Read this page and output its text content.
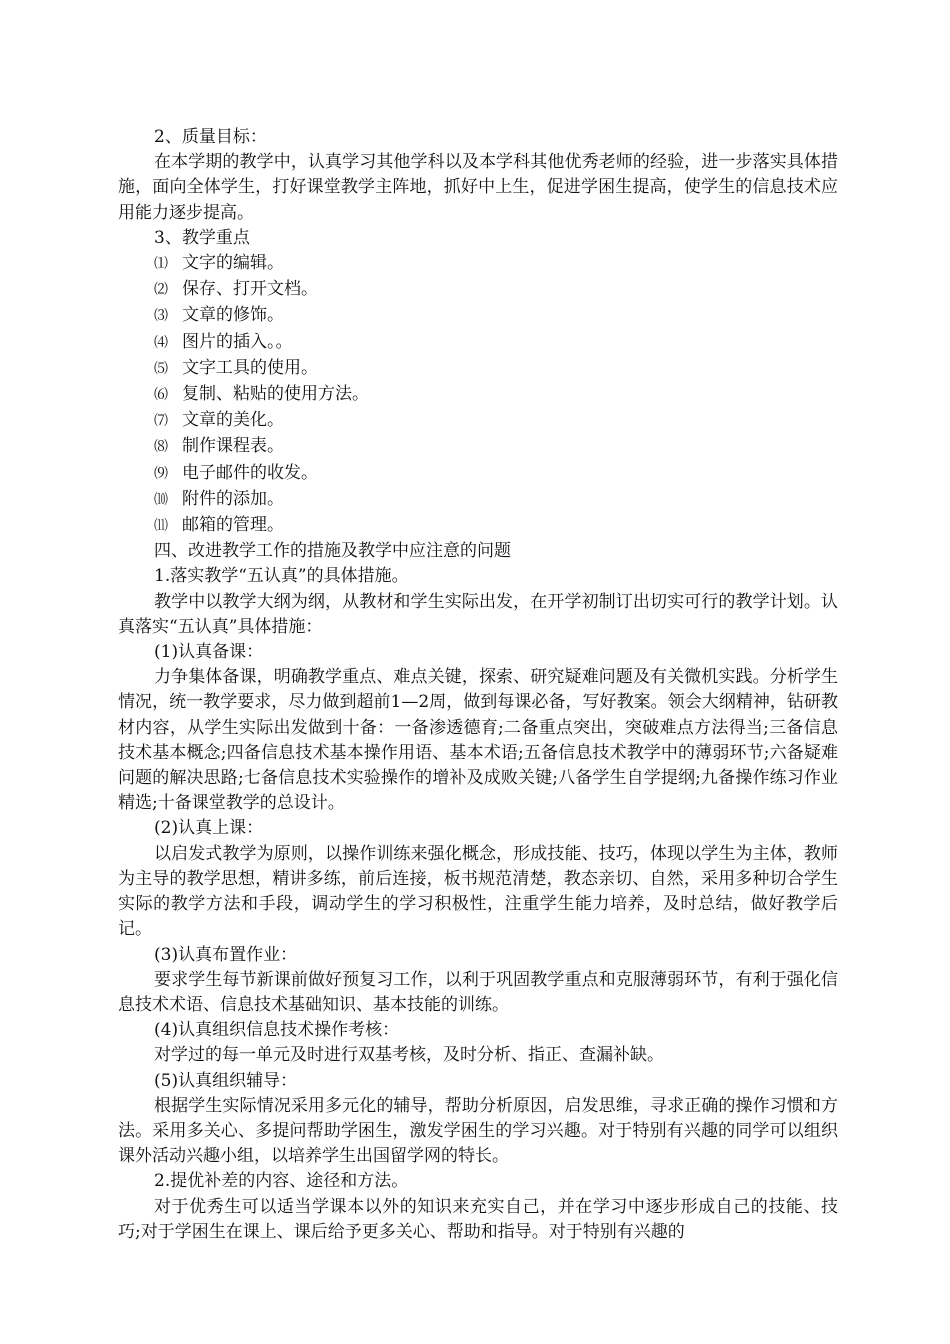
2、质量目标：

在本学期的教学中，认真学习其他学科以及本学科其他优秀老师的经验，进一步落实具体措施，面向全体学生，打好课堂教学主阵地，抓好中上生，促进学困生提高，使学生的信息技术应用能力逐步提高。

3、教学重点

⑴ 文字的编辑。
⑵ 保存、打开文档。
⑶ 文章的修饰。
⑷ 图片的插入。。
⑸ 文字工具的使用。
⑹ 复制、粘贴的使用方法。
⑺ 文章的美化。
⑻ 制作课程表。
⑼ 电子邮件的收发。
⑽ 附件的添加。
⑾ 邮箱的管理。

四、改进教学工作的措施及教学中应注意的问题

1.落实教学“五认真”的具体措施。

教学中以教学大纲为纲，从教材和学生实际出发，在开学初制订出切实可行的教学计划。认真落实“五认真”具体措施：

(1)认真备课：

力争集体备课，明确教学重点、难点关键，探索、研究疑难问题及有关微机实践。分析学生情况，统一教学要求，尽力做到超前1—2周，做到每课必备，写好教案。领会大纲精神，钻研教材内容，从学生实际出发做到十备：一备渗透德育;二备重点突出，突破难点方法得当;三备信息技术基本概念;四备信息技术基本操作用语、基本术语;五备信息技术教学中的薄弱环节;六备疑难问题的解决思路;七备信息技术实验操作的增补及成败关键;八备学生自学提纲;九备操作练习作业精选;十备课堂教学的总设计。

(2)认真上课：

以启发式教学为原则，以操作训练来强化概念，形成技能、技巧，体现以学生为主体，教师为主导的教学思想，精讲多练，前后连接，板书规范清楚，教态亲切、自然，采用多种切合学生实际的教学方法和手段，调动学生的学习积极性，注重学生能力培养，及时总结，做好教学后记。

(3)认真布置作业：

要求学生每节新课前做好预复习工作，以利于巩固教学重点和克服薄弱环节，有利于强化信息技术术语、信息技术基础知识、基本技能的训练。

(4)认真组织信息技术操作考核：

对学过的每一单元及时进行双基考核，及时分析、指正、查漏补缺。

(5)认真组织辅导：

根据学生实际情况采用多元化的辅导，帮助分析原因，启发思维，寻求正确的操作习惯和方法。采用多关心、多提问帮助学困生，激发学困生的学习兴趣。对于特别有兴趣的同学可以组织课外活动兴趣小组，以培养学生出国留学网的特长。

2.提优补差的内容、途径和方法。

对于优秀生可以适当学课本以外的知识来充实自己，并在学习中逐步形成自己的技能、技巧;对于学困生在课上、课后给予更多关心、帮助和指导。对于特别有兴趣的
